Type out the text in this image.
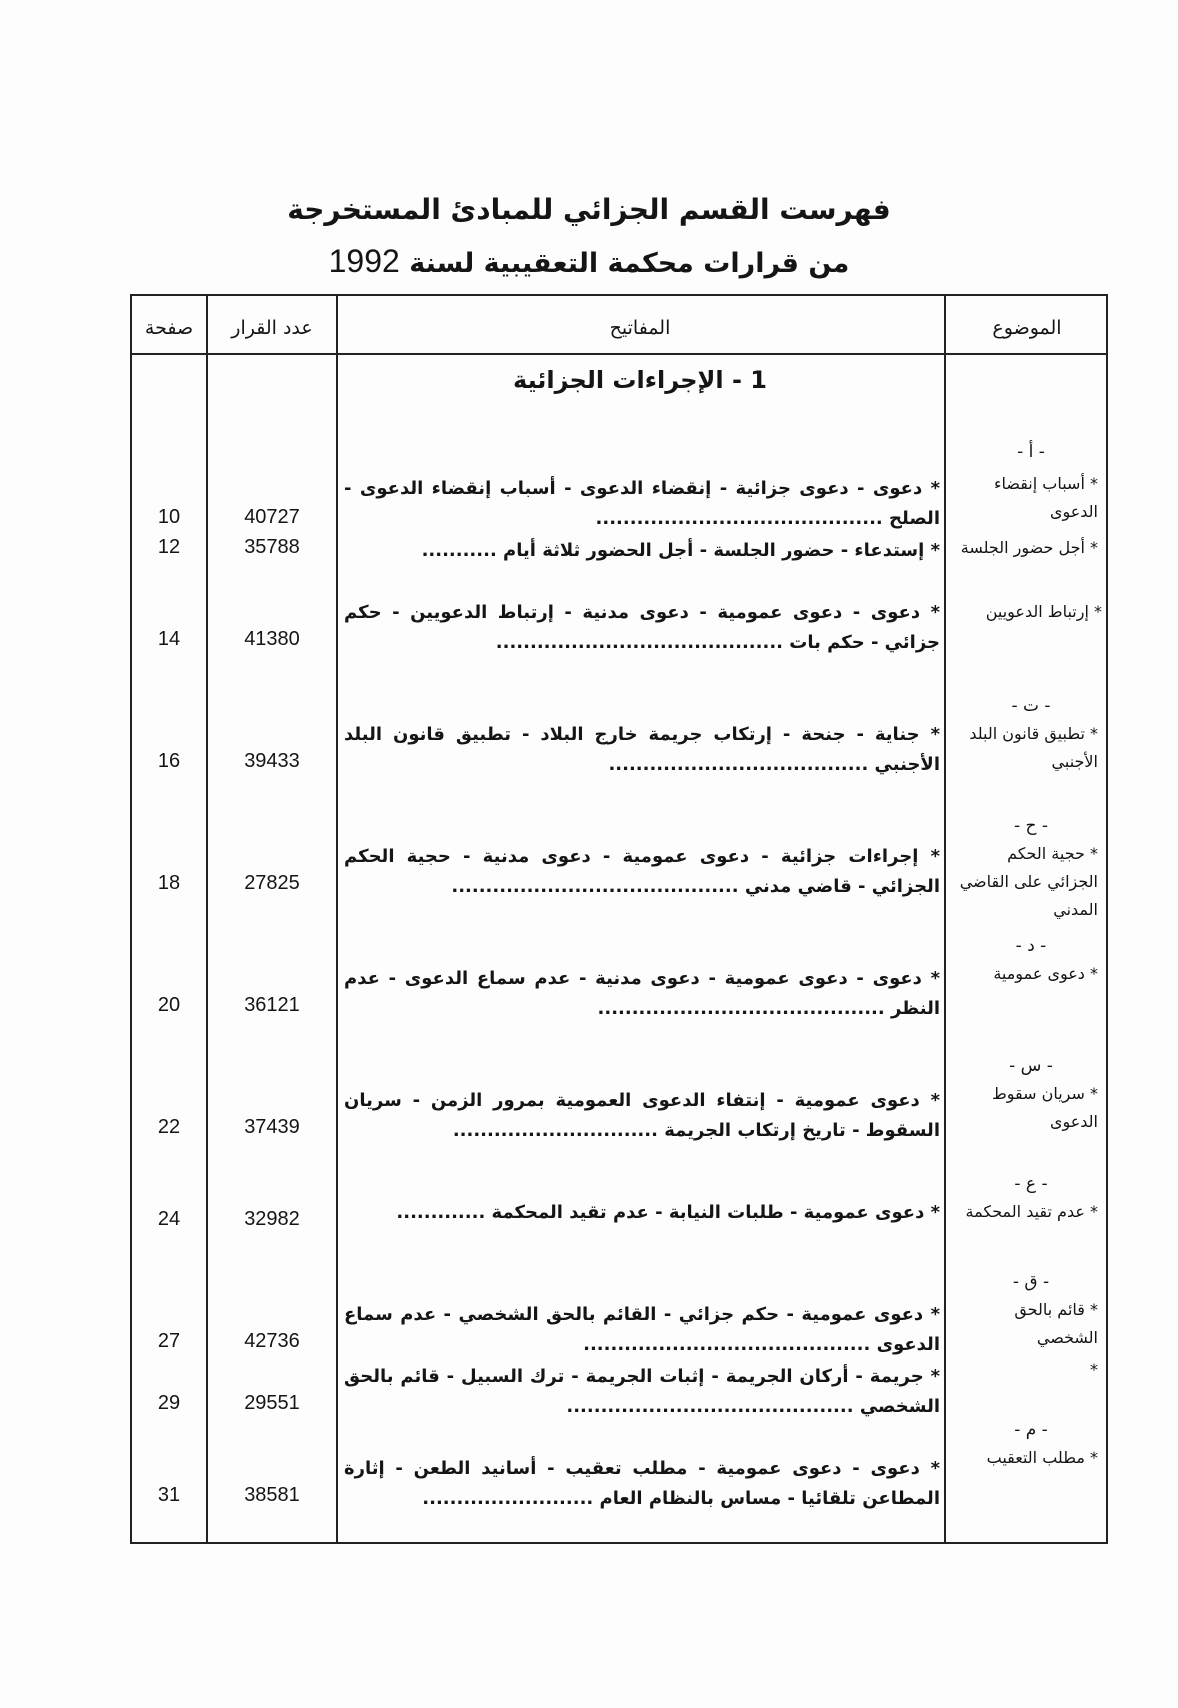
فهرست القسم الجزائي للمبادئ المستخرجة
من قرارات محكمة التعقيبية لسنة 1992
الموضوع
المفاتيح
عدد القرار
صفحة
1 - الإجراءات الجزائية
- أ -
- ت -
- ح -
- د -
- س -
- ع -
- ق -
- م -
* أسباب إنقضاء الدعوى
* أجل حضور الجلسة
* إرتباط الدعويين
* تطبيق قانون البلد الأجنبي
* حجية الحكم الجزائي على القاضي المدني
* دعوى عمومية
* سريان سقوط الدعوى
* عدم تقيد المحكمة
* قائم بالحق الشخصي
*
* مطلب التعقيب
* دعوى - دعوى جزائية - إنقضاء الدعوى - أسباب إنقضاء الدعوى - الصلح ..........................................
* إستدعاء - حضور الجلسة - أجل الحضور ثلاثة أيام ...........
* دعوى - دعوى عمومية - دعوى مدنية - إرتباط الدعويين - حكم جزائي - حكم بات ..........................................
* جناية - جنحة - إرتكاب جريمة خارج البلاد - تطبيق قانون البلد الأجنبي ......................................
* إجراءات جزائية - دعوى عمومية - دعوى مدنية - حجية الحكم الجزائي - قاضي مدني ..........................................
* دعوى - دعوى عمومية - دعوى مدنية - عدم سماع الدعوى - عدم النظر ..........................................
* دعوى عمومية - إنتفاء الدعوى العمومية بمرور الزمن - سريان السقوط - تاريخ إرتكاب الجريمة ..............................
* دعوى عمومية - طلبات النيابة - عدم تقيد المحكمة .............
* دعوى عمومية - حكم جزائي - القائم بالحق الشخصي - عدم سماع الدعوى ..........................................
* جريمة - أركان الجريمة - إثبات الجريمة - ترك السبيل - قائم بالحق الشخصي ..........................................
* دعوى - دعوى عمومية - مطلب تعقيب - أسانيد الطعن - إثارة المطاعن تلقائيا - مساس بالنظام العام .........................
40727
35788
41380
39433
27825
36121
37439
32982
42736
29551
38581
10
12
14
16
18
20
22
24
27
29
31
